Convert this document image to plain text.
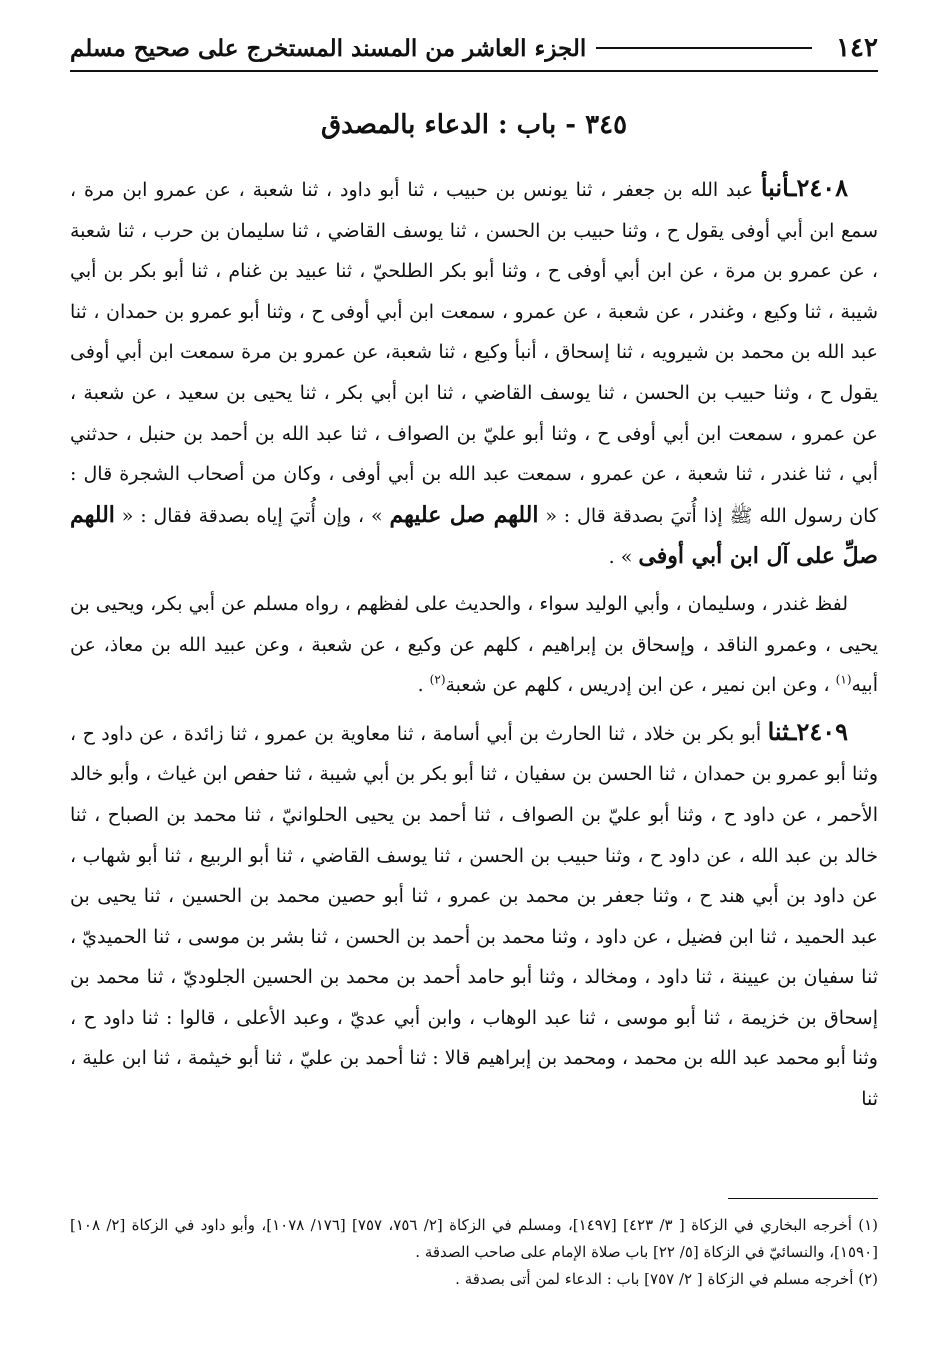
١٤٢
الجزء العاشر من المسند المستخرج على صحيح مسلم
٣٤٥ - باب : الدعاء بالمصدق

٢٤٠٨ـأنبأ عبد الله بن جعفر ، ثنا يونس بن حبيب ، ثنا أبو داود ، ثنا شعبة ، عن عمرو ابن مرة ، سمع ابن أبي أوفى يقول ح ، وثنا حبيب بن الحسن ، ثنا يوسف القاضي ، ثنا سليمان بن حرب ، ثنا شعبة ، عن عمرو بن مرة ، عن ابن أبي أوفى ح ، وثنا أبو بكر الطلحيّ ، ثنا عبيد بن غنام ، ثنا أبو بكر بن أبي شيبة ، ثنا وكيع ، وغندر ، عن شعبة ، عن عمرو ، سمعت ابن أبي أوفى ح ، وثنا أبو عمرو بن حمدان ، ثنا عبد الله بن محمد بن شيرويه ، ثنا إسحاق ، أنبأ وكيع ، ثنا شعبة، عن عمرو بن مرة سمعت ابن أبي أوفى يقول ح ، وثنا حبيب بن الحسن ، ثنا يوسف القاضي ، ثنا ابن أبي بكر ، ثنا يحيى بن سعيد ، عن شعبة ، عن عمرو ، سمعت ابن أبي أوفى ح ، وثنا أبو عليّ بن الصواف ، ثنا عبد الله بن أحمد بن حنبل ، حدثني أبي ، ثنا غندر ، ثنا شعبة ، عن عمرو ، سمعت عبد الله بن أبي أوفى ، وكان من أصحاب الشجرة قال : كان رسول الله ﷺ إذا أُتيَ بصدقة قال : « اللهم صل عليهم » ، وإن أُتيَ إياه بصدقة فقال : « اللهم صلِّ على آل ابن أبي أوفى » .

لفظ غندر ، وسليمان ، وأبي الوليد سواء ، والحديث على لفظهم ، رواه مسلم عن أبي بكر، ويحيى بن يحيى ، وعمرو الناقد ، وإسحاق بن إبراهيم ، كلهم عن وكيع ، عن شعبة ، وعن عبيد الله بن معاذ، عن أبيه$^{(١)}$ ، وعن ابن نمير ، عن ابن إدريس ، كلهم عن شعبة$^{(٢)}$ .

٢٤٠٩ـثنا أبو بكر بن خلاد ، ثنا الحارث بن أبي أسامة ، ثنا معاوية بن عمرو ، ثنا زائدة ، عن داود ح ، وثنا أبو عمرو بن حمدان ، ثنا الحسن بن سفيان ، ثنا أبو بكر بن أبي شيبة ، ثنا حفص ابن غياث ، وأبو خالد الأحمر ، عن داود ح ، وثنا أبو عليّ بن الصواف ، ثنا أحمد بن يحيى الحلوانيّ ، ثنا محمد بن الصباح ، ثنا خالد بن عبد الله ، عن داود ح ، وثنا حبيب بن الحسن ، ثنا يوسف القاضي ، ثنا أبو الربيع ، ثنا أبو شهاب ، عن داود بن أبي هند ح ، وثنا جعفر بن محمد بن عمرو ، ثنا أبو حصين محمد بن الحسين ، ثنا يحيى بن عبد الحميد ، ثنا ابن فضيل ، عن داود ، وثنا محمد بن أحمد بن الحسن ، ثنا بشر بن موسى ، ثنا الحميديّ ، ثنا سفيان بن عيينة ، ثنا داود ، ومخالد ، وثنا أبو حامد أحمد بن محمد بن الحسين الجلوديّ ، ثنا محمد بن إسحاق بن خزيمة ، ثنا أبو موسى ، ثنا عبد الوهاب ، وابن أبي عديّ ، وعبد الأعلى ، قالوا : ثنا داود ح ، وثنا أبو محمد عبد الله بن محمد ، ومحمد بن إبراهيم قالا : ثنا أحمد بن عليّ ، ثنا أبو خيثمة ، ثنا ابن علية ، ثنا

(١) أخرجه البخاري في الزكاة [ ٣/ ٤٢٣] [١٤٩٧]، ومسلم في الزكاة [٢/ ٧٥٦، ٧٥٧] [١٧٦/ ١٠٧٨]، وأبو داود في الزكاة [٢/ ١٠٨] [١٥٩٠]، والنسائيّ في الزكاة [٥/ ٢٢] باب صلاة الإمام على صاحب الصدقة .

(٢) أخرجه مسلم في الزكاة [ ٢/ ٧٥٧] باب : الدعاء لمن أتى بصدقة .
